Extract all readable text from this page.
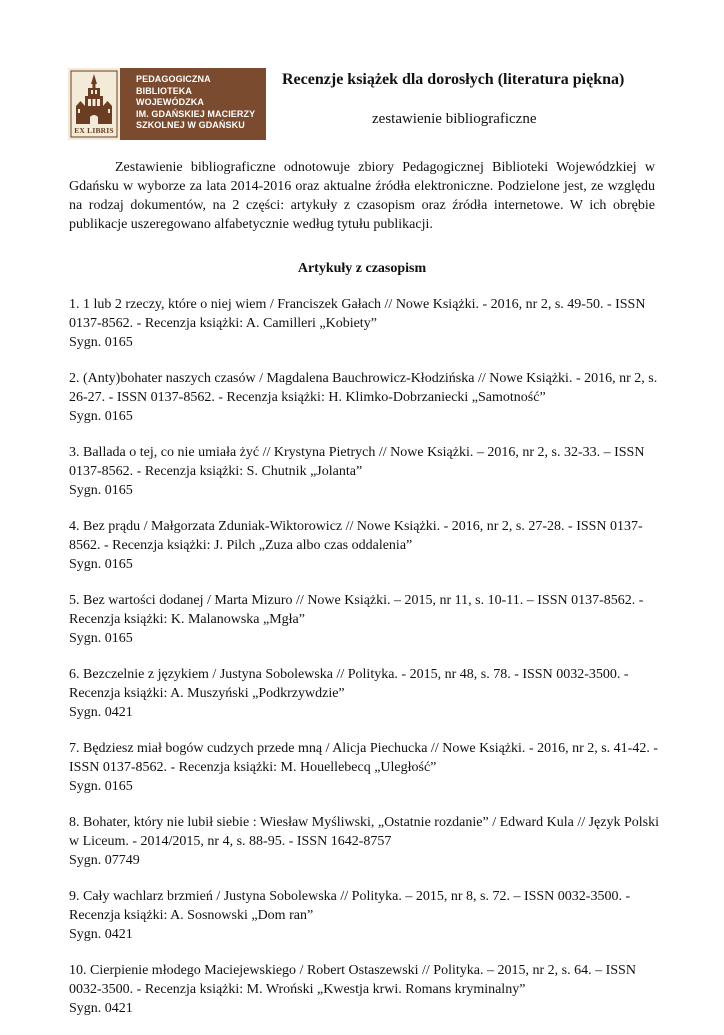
EX LIBRIS
PEDAGOGICZNA
BIBLIOTEKA
WOJEWÓDZKA
IM. GDAŃSKIEJ MACIERZY
SZKOLNEJ W GDAŃSKU
Recenzje książek dla dorosłych (literatura piękna)
zestawienie bibliograficzne

Zestawienie bibliograficzne odnotowuje zbiory Pedagogicznej Biblioteki Wojewódzkiej w Gdańsku w wyborze za lata 2014-2016 oraz aktualne źródła elektroniczne. Podzielone jest, ze względu na rodzaj dokumentów, na 2 części: artykuły z czasopism oraz źródła internetowe. W ich obrębie publikacje uszeregowano alfabetycznie według tytułu publikacji.

Artykuły z czasopism
1. 1 lub 2 rzeczy, które o niej wiem / Franciszek Gałach // Nowe Książki. - 2016, nr 2, s. 49-50. - ISSN 0137-8562. - Recenzja książki: A. Camilleri „Kobiety”
Sygn. 0165
2. (Anty)bohater naszych czasów / Magdalena Bauchrowicz-Kłodzińska // Nowe Książki. - 2016, nr 2, s. 26-27. - ISSN 0137-8562. - Recenzja książki: H. Klimko-Dobrzaniecki „Samotność”
Sygn. 0165
3. Ballada o tej, co nie umiała żyć // Krystyna Pietrych // Nowe Książki. – 2016, nr 2, s. 32-33. – ISSN 0137-8562. - Recenzja książki: S. Chutnik „Jolanta”
Sygn. 0165
4. Bez prądu / Małgorzata Zduniak-Wiktorowicz // Nowe Książki. - 2016, nr 2, s. 27-28. - ISSN 0137-8562. - Recenzja książki: J. Pilch „Zuza albo czas oddalenia”
Sygn. 0165
5. Bez wartości dodanej / Marta Mizuro // Nowe Książki. – 2015, nr 11, s. 10-11. – ISSN 0137-8562. - Recenzja książki: K. Malanowska „Mgła”
Sygn. 0165
6. Bezczelnie z językiem / Justyna Sobolewska // Polityka. - 2015, nr 48, s. 78. - ISSN 0032-3500. - Recenzja książki: A. Muszyński „Podkrzywdzie”
Sygn. 0421
7. Będziesz miał bogów cudzych przede mną / Alicja Piechucka // Nowe Książki. - 2016, nr 2, s. 41-42. - ISSN 0137-8562. - Recenzja książki: M. Houellebecq „Uległość”
Sygn. 0165
8. Bohater, który nie lubił siebie : Wiesław Myśliwski, „Ostatnie rozdanie” / Edward Kula // Język Polski w Liceum. - 2014/2015, nr 4, s. 88-95. - ISSN 1642-8757
Sygn. 07749
9. Cały wachlarz brzmień / Justyna Sobolewska // Polityka. – 2015, nr 8, s. 72. – ISSN 0032-3500. - Recenzja książki: A. Sosnowski „Dom ran”
Sygn. 0421
10. Cierpienie młodego Maciejewskiego / Robert Ostaszewski // Polityka. – 2015, nr 2, s. 64. – ISSN 0032-3500. - Recenzja książki: M. Wroński „Kwestja krwi. Romans kryminalny”
Sygn. 0421
